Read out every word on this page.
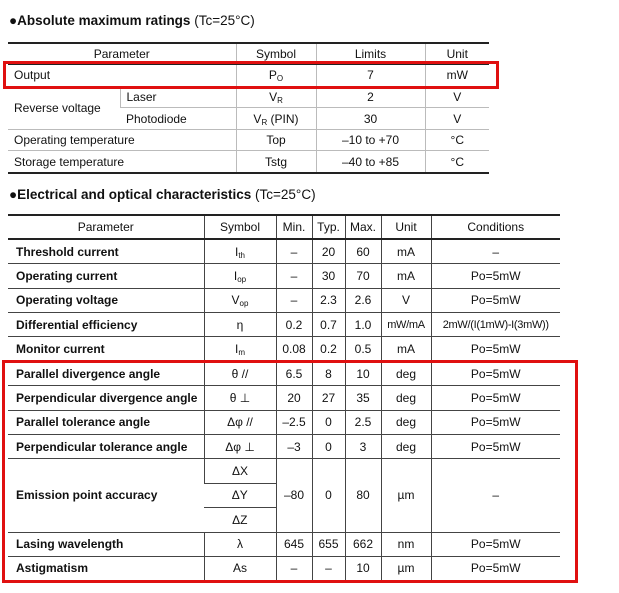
●Absolute maximum ratings (Tc=25°C)
Parameter		Symbol	Limits	Unit
Output		PO	7	mW
Reverse voltage	Laser	VR	2	V
	Photodiode	VR (PIN)	30	V
Operating temperature		Top	–10 to +70	°C
Storage temperature		Tstg	–40 to +85	°C
●Electrical and optical characteristics (Tc=25°C)
Parameter	Symbol	Min.	Typ.	Max.	Unit	Conditions
Threshold current	Ith	–	20	60	mA	–
Operating current	Iop	–	30	70	mA	Po=5mW
Operating voltage	Vop	–	2.3	2.6	V	Po=5mW
Differential efficiency	η	0.2	0.7	1.0	mW/mA	2mW/(I(1mW)-I(3mW))
Monitor current	Im	0.08	0.2	0.5	mA	Po=5mW
Parallel divergence angle	θ //	6.5	8	10	deg	Po=5mW
Perpendicular divergence angle	θ ⊥	20	27	35	deg	Po=5mW
Parallel tolerance angle	Δφ //	–2.5	0	2.5	deg	Po=5mW
Perpendicular tolerance angle	Δφ ⊥	–3	0	3	deg	Po=5mW
Emission point accuracy	ΔX	–80	0	80	µm	–
	ΔY					
	ΔZ					
Lasing wavelength	λ	645	655	662	nm	Po=5mW
Astigmatism	As	–	–	10	µm	Po=5mW
